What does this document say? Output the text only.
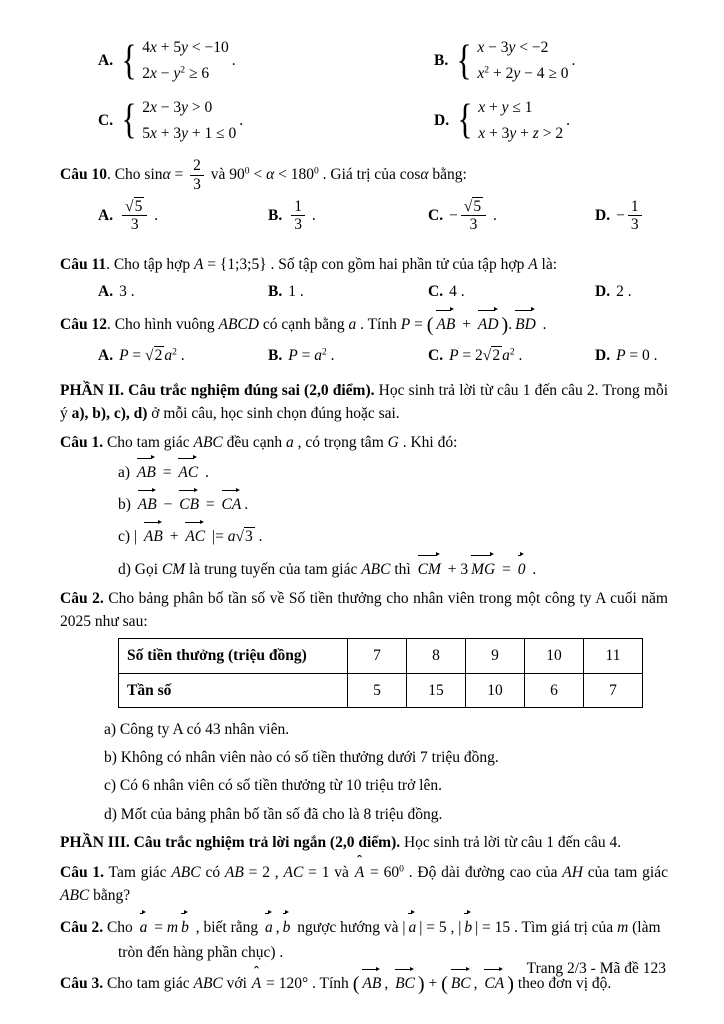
A.
{
4x + 5y < −10
$2x - y^2 \ge 6$
.	B.
{
x − 3y < −2
$x^2 + 2y - 4 \ge 0$
.
C.
{
2x − 3y > 0
5x + 3y + 1 ≤ 0
.	D.
{
x + y ≤ 1
x + 3y + z > 2
.

Câu 10. Cho $\sin\alpha = \frac{2}{3}$ và $90^0 < \alpha < 180^0$ . Giá trị của cosα bằng:

A. $\frac{√5}{3}$ .	B. $\frac{1}{3}$ .	C. − $\frac{√5}{3}$ .	D. − $\frac{1}{3}$

Câu 11. Cho tập hợp A = {1;3;5} . Số tập con gồm hai phần tử của tập hợp A là:

A. 3 .	B. 1 .	C. 4 .	D. 2 .

Câu 12. Cho hình vuông ABCD có cạnh bằng a . Tính P = ( AB + AD ). BD .

A. P = √2 $a^2$ .	B. $P = a^2$ .	C. P = 2√2 $a^2$ .	D. P = 0 .

PHẦN II. Câu trắc nghiệm đúng sai (2,0 điểm). Học sinh trả lời từ câu 1 đến câu 2. Trong mỗi ý a), b), c), d) ở mỗi câu, học sinh chọn đúng hoặc sai.

Câu 1. Cho tam giác ABC đều cạnh a , có trọng tâm G . Khi đó:

a) AB = AC .

b) AB − CB = CA .

c) | AB + AC |= a√3 .

d) Gọi CM là trung tuyến của tam giác ABC thì CM + 3 MG = 0 .

Câu 2. Cho bảng phân bố tần số về Số tiền thưởng cho nhân viên trong một công ty A cuối năm 2025 như sau:

Số tiền thưởng (triệu đồng)	7	8	9	10	11
Tần số	5	15	10	6	7

a) Công ty A có 43 nhân viên.

b) Không có nhân viên nào có số tiền thưởng dưới 7 triệu đồng.

c) Có 6 nhân viên có số tiền thưởng từ 10 triệu trở lên.

d) Mốt của bảng phân bố tần số đã cho là 8 triệu đồng.

PHẦN III. Câu trắc nghiệm trả lời ngắn (2,0 điểm). Học sinh trả lời từ câu 1 đến câu 4.

Câu 1. Tam giác ABC có AB = 2 , AC = 1 và ˆ $A = 60^0$ . Độ dài đường cao của AH của tam giác ABC bằng?

Câu 2. Cho a = m b , biết rằng a , b ngược hướng và | a | = 5 , | b | = 15 . Tìm giá trị của m (làm

tròn đến hàng phần chục) .

Câu 3. Cho tam giác ABC với ˆ A = 120° . Tính ( AB , BC ) + ( BC , CA ) theo đơn vị độ.

Trang 2/3 - Mã đề 123
